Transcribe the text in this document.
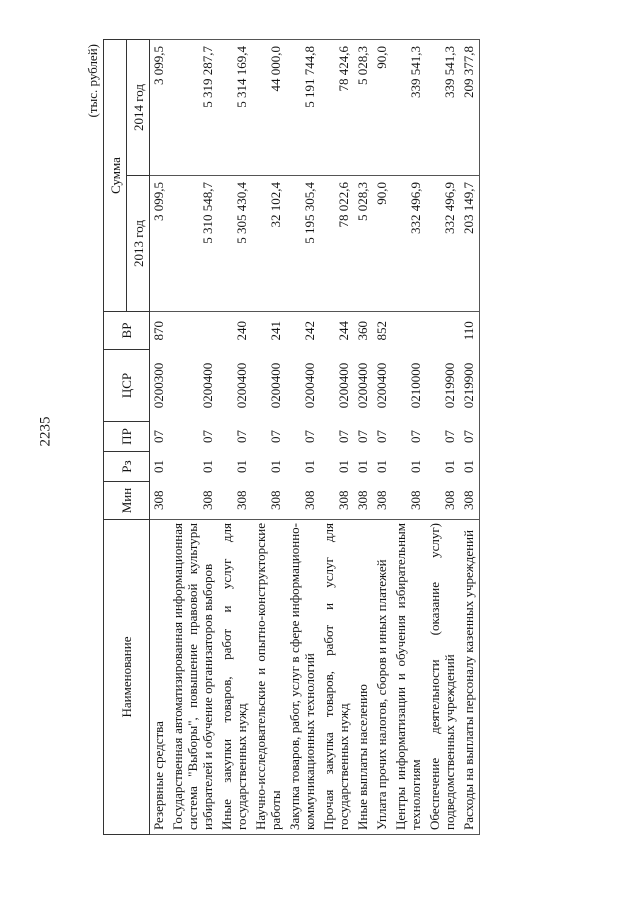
2235
(тыс. рублей)
Наименование	Мин	Рз	ПР	ЦСР	ВР	Сумма	
						2013 год	2014 год
Резервные средства	308	01	07	0200300	870	3 099,5	3 099,5
Государственная автоматизированная информационная система "Выборы", повышение правовой культуры избирателей и обучение организаторов выборов	308	01	07	0200400		5 310 548,7	5 319 287,7
Иные закупки товаров, работ и услуг для государственных нужд	308	01	07	0200400	240	5 305 430,4	5 314 169,4
Научно-исследовательские и опытно-конструкторские работы	308	01	07	0200400	241	32 102,4	44 000,0
Закупка товаров, работ, услуг в сфере информационно-коммуникационных технологий	308	01	07	0200400	242	5 195 305,4	5 191 744,8
Прочая закупка товаров, работ и услуг для государственных нужд	308	01	07	0200400	244	78 022,6	78 424,6
Иные выплаты населению	308	01	07	0200400	360	5 028,3	5 028,3
Уплата прочих налогов, сборов и иных платежей	308	01	07	0200400	852	90,0	90,0
Центры информатизации и обучения избирательным технологиям	308	01	07	0210000		332 496,9	339 541,3
Обеспечение деятельности (оказание услуг) подведомственных учреждений	308	01	07	0219900		332 496,9	339 541,3
Расходы на выплаты персоналу казенных учреждений	308	01	07	0219900	110	203 149,7	209 377,8
